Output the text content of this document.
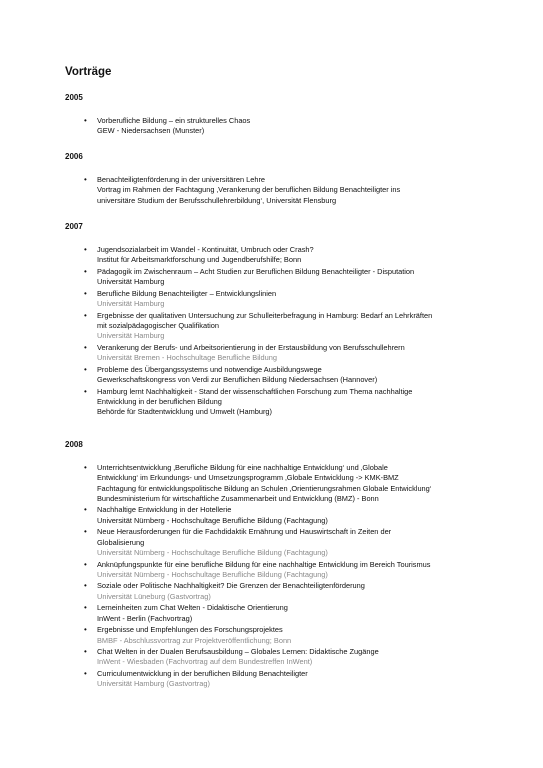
Vorträge
2005
• Vorberufliche Bildung – ein strukturelles Chaos
GEW - Niedersachsen (Munster)
2006
• Benachteiligtenförderung in der universitären Lehre
Vortrag im Rahmen der Fachtagung ‚Verankerung der beruflichen Bildung Benachteiligter ins
universitäre Studium der Berufsschullehrerbildung‘, Universität Flensburg
2007
• Jugendsozialarbeit im Wandel - Kontinuität, Umbruch oder Crash?
Institut für Arbeitsmarktforschung und Jugendberufshilfe; Bonn
• Pädagogik im Zwischenraum – Acht Studien zur Beruflichen Bildung Benachteiligter - Disputation
Universität Hamburg
• Berufliche Bildung Benachteiligter – Entwicklungslinien
Universität Hamburg
• Ergebnisse der qualitativen Untersuchung zur Schulleiterbefragung in Hamburg: Bedarf an Lehrkräften
mit sozialpädagogischer Qualifikation
Universität Hamburg
• Verankerung der Berufs- und Arbeitsorientierung in der Erstausbildung von Berufsschullehrern
Universität Bremen - Hochschultage Berufliche Bildung
• Probleme des Übergangssystems und notwendige Ausbildungswege
Gewerkschaftskongress von Verdi zur Beruflichen Bildung Niedersachsen (Hannover)
• Hamburg lernt Nachhaltigkeit - Stand der wissenschaftlichen Forschung zum Thema nachhaltige
Entwicklung in der beruflichen Bildung
Behörde für Stadtentwicklung und Umwelt (Hamburg)
2008
• Unterrichtsentwicklung ‚Berufliche Bildung für eine nachhaltige Entwicklung‘ und ‚Globale
Entwicklung‘ im Erkundungs- und Umsetzungsprogramm ‚Globale Entwicklung -> KMK-BMZ
Fachtagung für entwicklungspolitische Bildung an Schulen ‚Orientierungsrahmen Globale Entwicklung‘
Bundesministerium für wirtschaftliche Zusammenarbeit und Entwicklung (BMZ) - Bonn
• Nachhaltige Entwicklung in der Hotellerie
Universität Nürnberg - Hochschultage Berufliche Bildung (Fachtagung)
• Neue Herausforderungen für die Fachdidaktik Ernährung und Hauswirtschaft in Zeiten der
Globalisierung
Universität Nürnberg - Hochschultage Berufliche Bildung (Fachtagung)
• Anknüpfungspunkte für eine berufliche Bildung für eine nachhaltige Entwicklung im Bereich Tourismus
Universität Nürnberg - Hochschultage Berufliche Bildung (Fachtagung)
• Soziale oder Politische Nachhaltigkeit? Die Grenzen der Benachteiligtenförderung
Universität Lüneburg (Gastvortrag)
• Lerneinheiten zum Chat Welten - Didaktische Orientierung
InWent - Berlin (Fachvortrag)
• Ergebnisse und Empfehlungen des Forschungsprojektes
BMBF - Abschlussvortrag zur Projektveröffentlichung; Bonn
• Chat Welten in der Dualen Berufsausbildung – Globales Lernen: Didaktische Zugänge
InWent - Wiesbaden (Fachvortrag auf dem Bundestreffen InWent)
• Curriculumentwicklung in der beruflichen Bildung Benachteiligter
Universität Hamburg (Gastvortrag)
